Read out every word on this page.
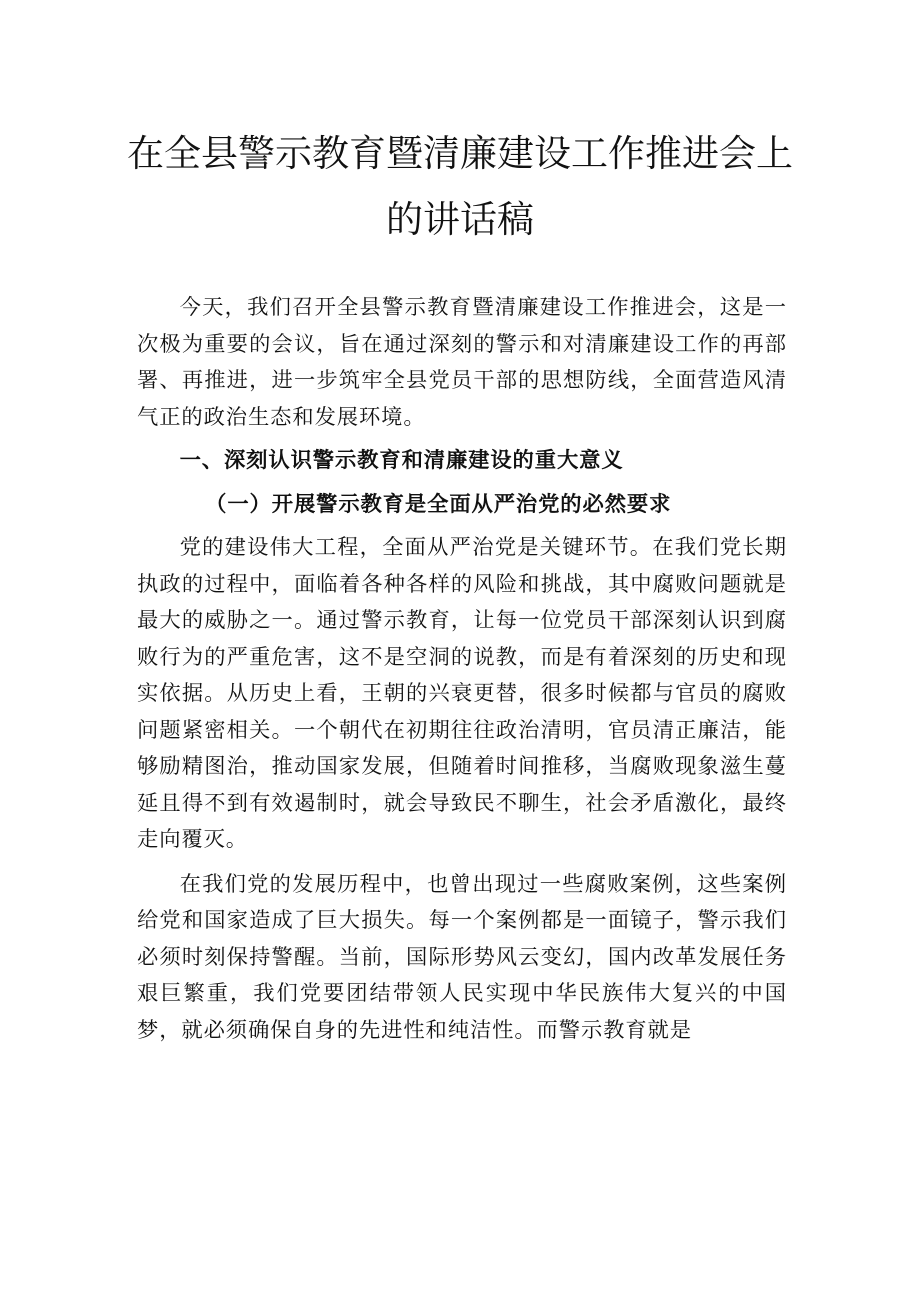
在全县警示教育暨清廉建设工作推进会上
的讲话稿

今天，我们召开全县警示教育暨清廉建设工作推进会，这是一次极为重要的会议，旨在通过深刻的警示和对清廉建设工作的再部署、再推进，进一步筑牢全县党员干部的思想防线，全面营造风清气正的政治生态和发展环境。

一、深刻认识警示教育和清廉建设的重大意义

（一）开展警示教育是全面从严治党的必然要求

党的建设伟大工程，全面从严治党是关键环节。在我们党长期执政的过程中，面临着各种各样的风险和挑战，其中腐败问题就是最大的威胁之一。通过警示教育，让每一位党员干部深刻认识到腐败行为的严重危害，这不是空洞的说教，而是有着深刻的历史和现实依据。从历史上看，王朝的兴衰更替，很多时候都与官员的腐败问题紧密相关。一个朝代在初期往往政治清明，官员清正廉洁，能够励精图治，推动国家发展，但随着时间推移，当腐败现象滋生蔓延且得不到有效遏制时，就会导致民不聊生，社会矛盾激化，最终走向覆灭。

在我们党的发展历程中，也曾出现过一些腐败案例，这些案例给党和国家造成了巨大损失。每一个案例都是一面镜子，警示我们必须时刻保持警醒。当前，国际形势风云变幻，国内改革发展任务艰巨繁重，我们党要团结带领人民实现中华民族伟大复兴的中国梦，就必须确保自身的先进性和纯洁性。而警示教育就是
